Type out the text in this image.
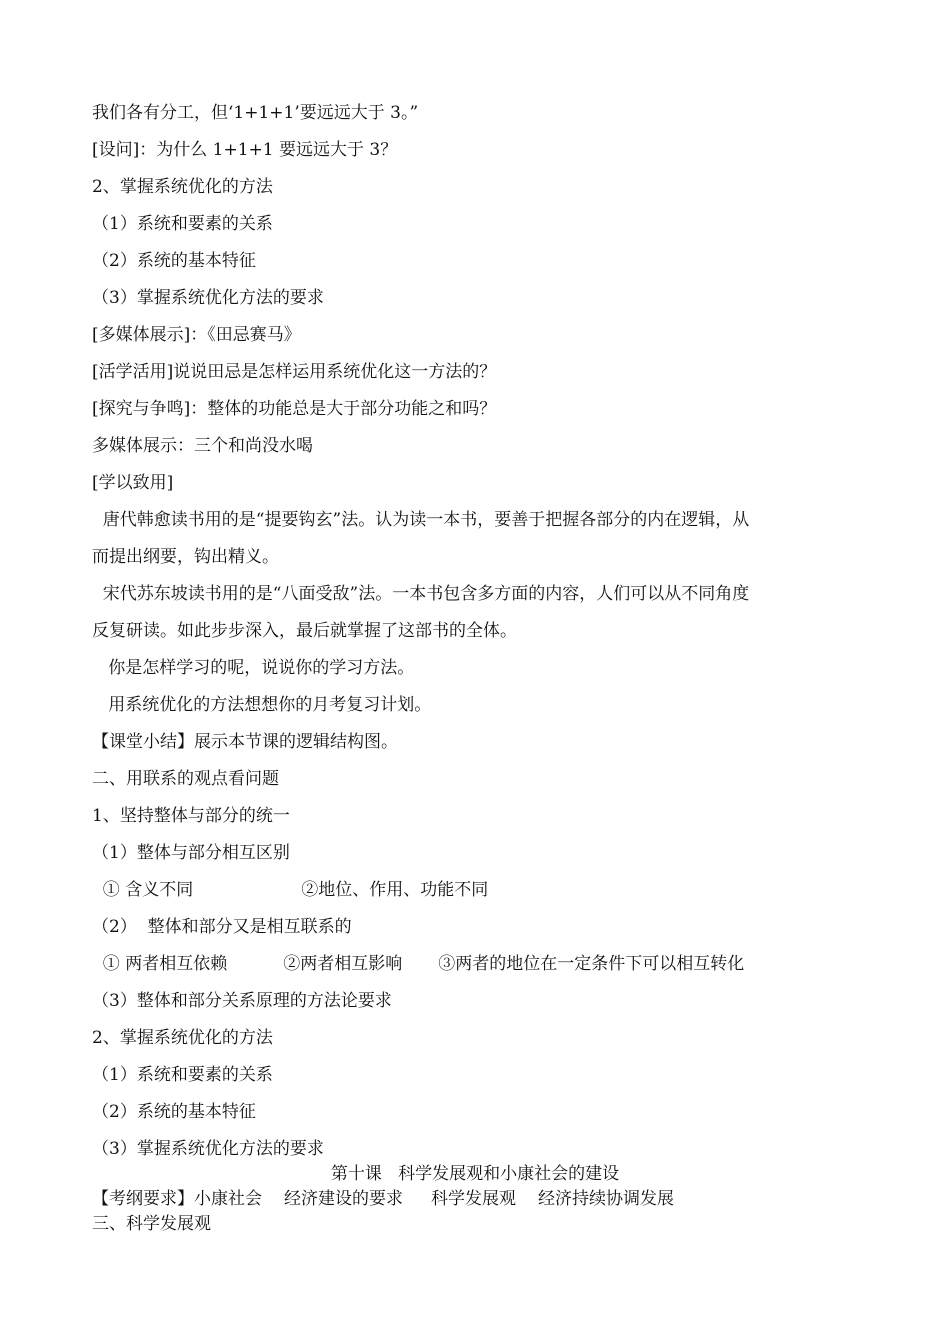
我们各有分工，但‘1+1+1’要远远大于 3。”
[设问]：为什么 1+1+1 要远远大于 3？
2、掌握系统优化的方法
（1）系统和要素的关系
（2）系统的基本特征
（3）掌握系统优化方法的要求
[多媒体展示]：《田忌赛马》
[活学活用]说说田忌是怎样运用系统优化这一方法的？
[探究与争鸣]：整体的功能总是大于部分功能之和吗？
多媒体展示：三个和尚没水喝
[学以致用]
唐代韩愈读书用的是“提要钩玄”法。认为读一本书，要善于把握各部分的内在逻辑，从
而提出纲要，钩出精义。
宋代苏东坡读书用的是“八面受敌”法。一本书包含多方面的内容，人们可以从不同角度
反复研读。如此步步深入，最后就掌握了这部书的全体。
你是怎样学习的呢，说说你的学习方法。
用系统优化的方法想想你的月考复习计划。
【课堂小结】展示本节课的逻辑结构图。
二、用联系的观点看问题
1、坚持整体与部分的统一
（1）整体与部分相互区别
① 含义不同	②地位、作用、功能不同
（2）  整体和部分又是相互联系的
① 两者相互依赖	②两者相互影响 ③两者的地位在一定条件下可以相互转化
（3）整体和部分关系原理的方法论要求
2、掌握系统优化的方法
（1）系统和要素的关系
（2）系统的基本特征
（3）掌握系统优化方法的要求
第十课   科学发展观和小康社会的建设
【考纲要求】小康社会 经济建设的要求 科学发展观 经济持续协调发展
三、科学发展观
